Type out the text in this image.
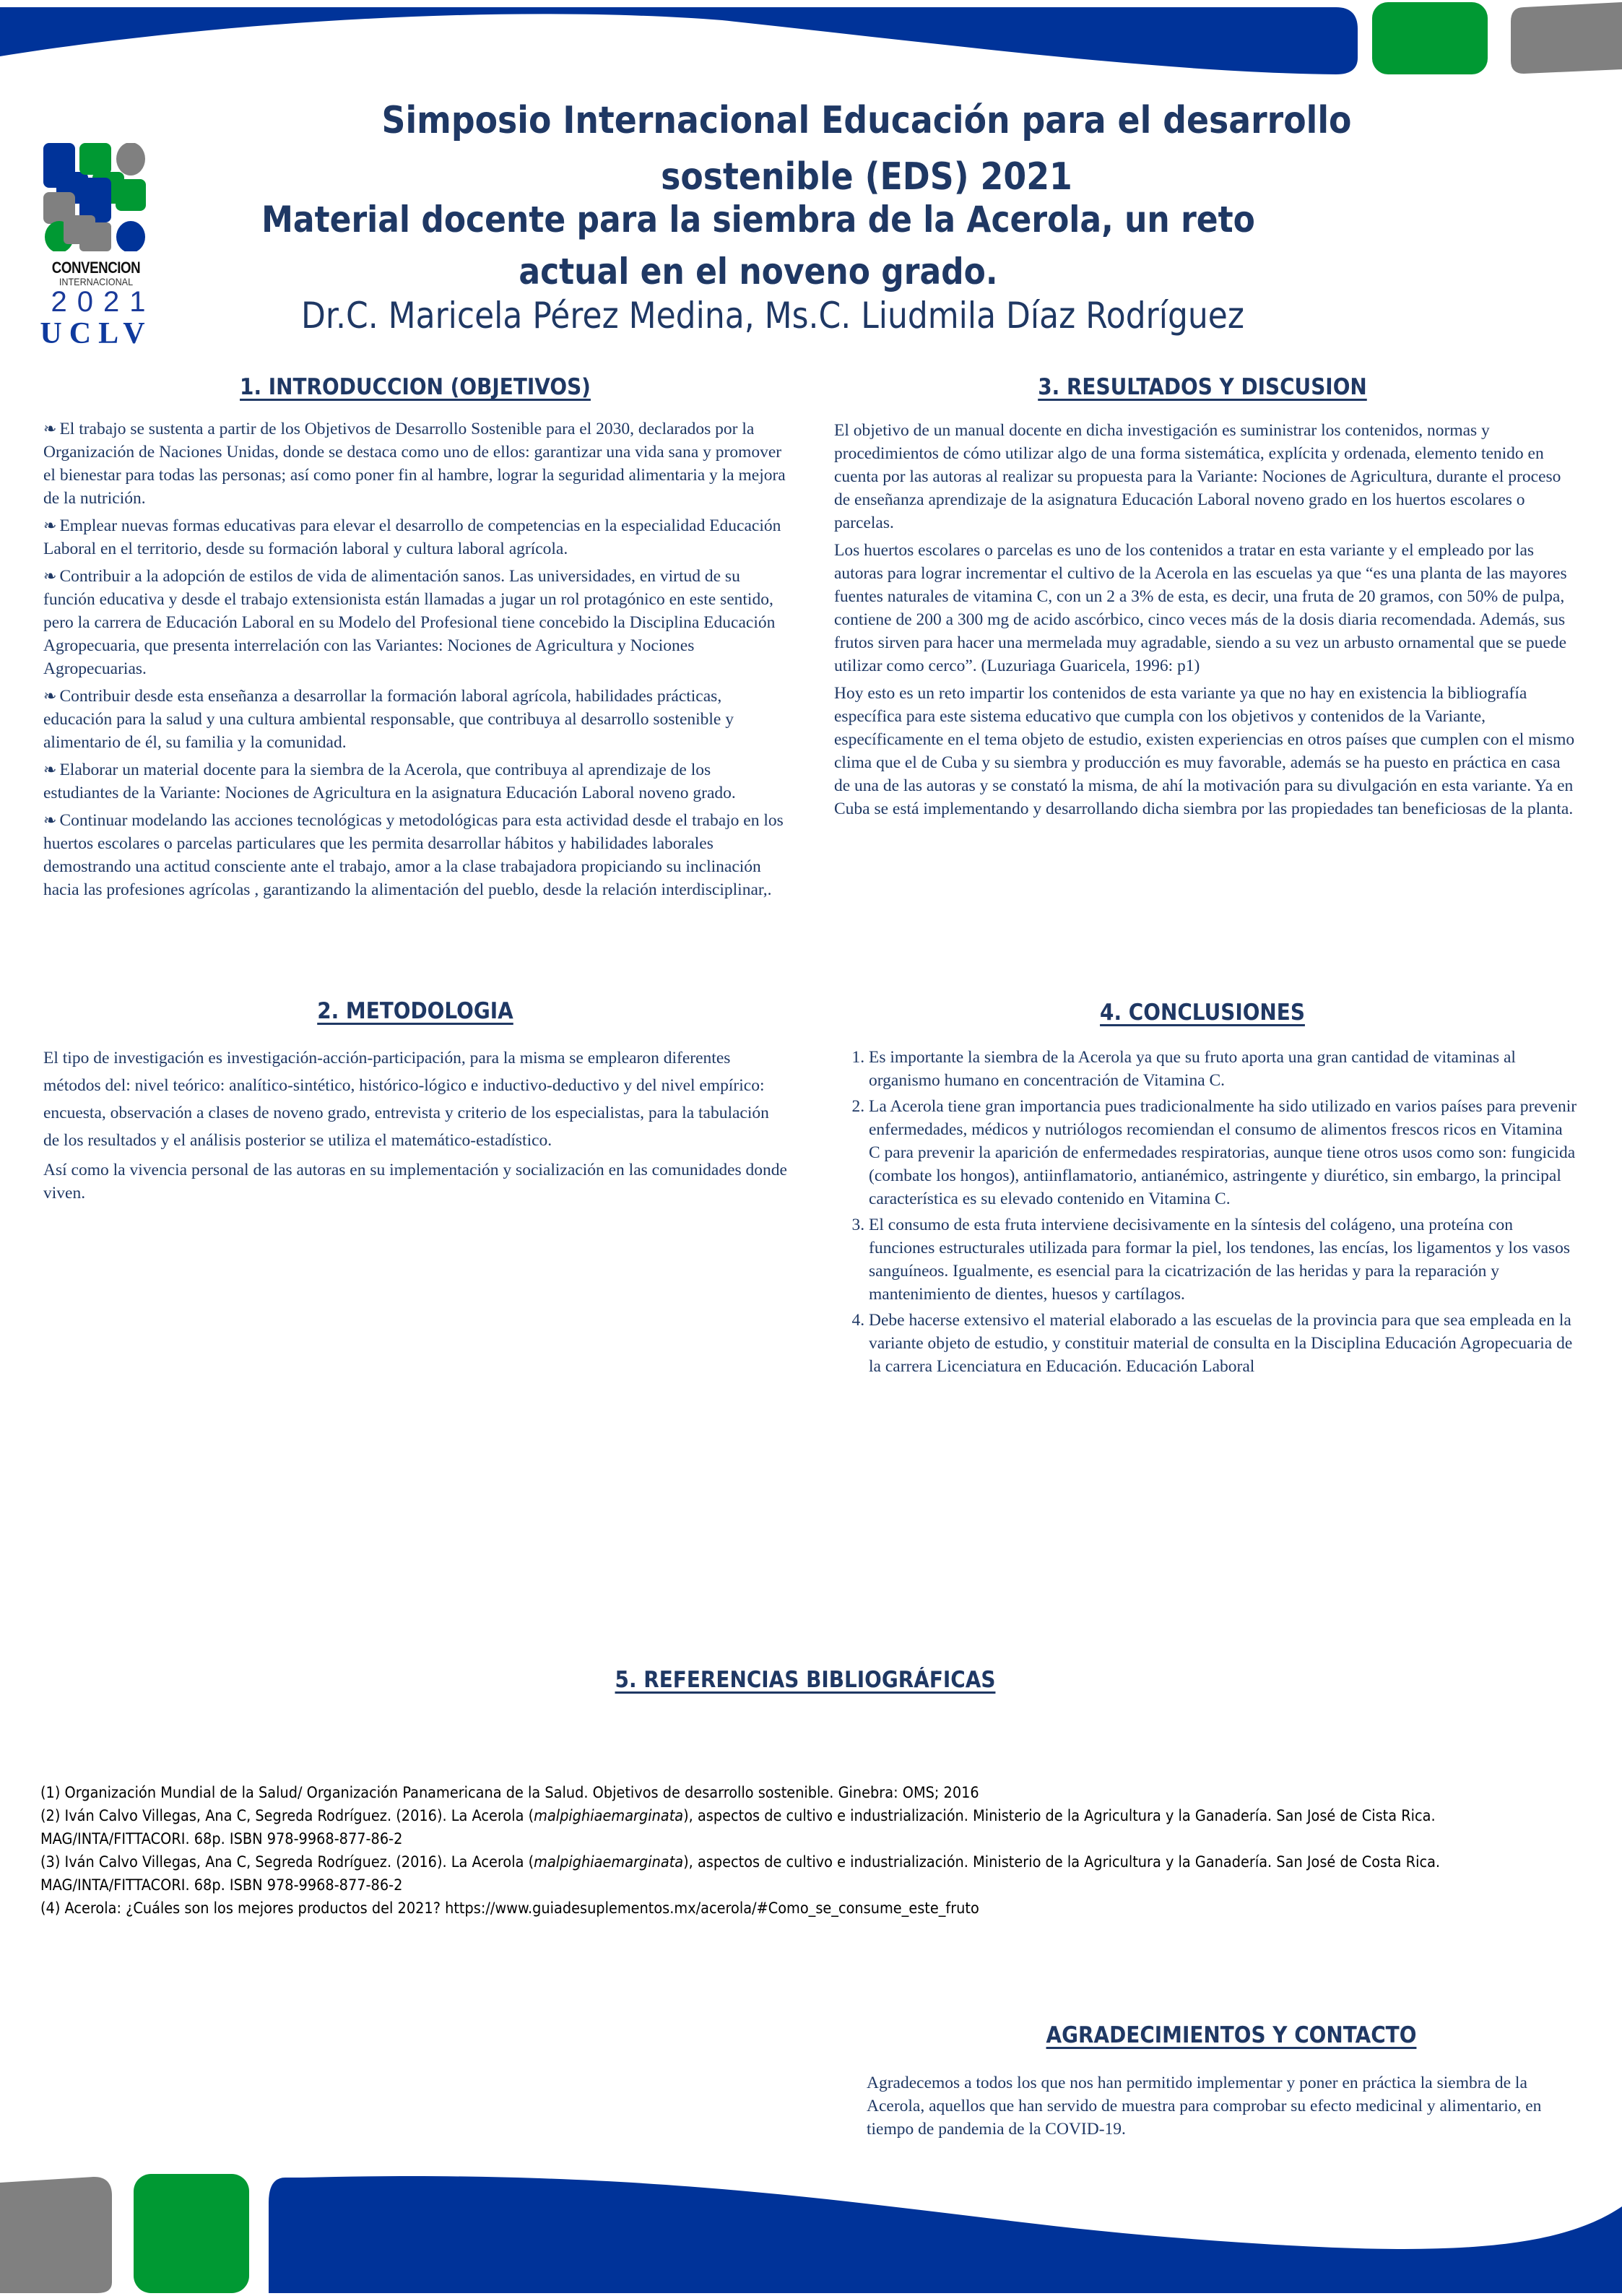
CONVENCION
INTERNACIONAL
2021
UCLV
Simposio Internacional Educación para el desarrollo sostenible (EDS) 2021
Material docente para la siembra de la Acerola, un reto actual en el noveno grado.
Dr.C. Maricela Pérez Medina, Ms.C. Liudmila Díaz Rodríguez
1. INTRODUCCION (OBJETIVOS)

❧ El trabajo se sustenta a partir de los Objetivos de Desarrollo Sostenible para el 2030, declarados por la Organización de Naciones Unidas, donde se destaca como uno de ellos: garantizar una vida sana y promover el bienestar para todas las personas; así como poner fin al hambre, lograr la seguridad alimentaria y la mejora de la nutrición.

❧ Emplear nuevas formas educativas para elevar el desarrollo de competencias en la especialidad Educación Laboral en el territorio, desde su formación laboral y cultura laboral agrícola.

❧ Contribuir a la adopción de estilos de vida de alimentación sanos. Las universidades, en virtud de su función educativa y desde el trabajo extensionista están llamadas a jugar un rol protagónico en este sentido, pero la carrera de Educación Laboral en su Modelo del Profesional tiene concebido la Disciplina Educación Agropecuaria, que presenta interrelación con las Variantes: Nociones de Agricultura y Nociones Agropecuarias.

❧ Contribuir desde esta enseñanza a desarrollar la formación laboral agrícola, habilidades prácticas, educación para la salud y una cultura ambiental responsable, que contribuya al desarrollo sostenible y alimentario de él, su familia y la comunidad.

❧ Elaborar un material docente para la siembra de la Acerola, que contribuya al aprendizaje de los estudiantes de la Variante: Nociones de Agricultura en la asignatura Educación Laboral noveno grado.

❧ Continuar modelando las acciones tecnológicas y metodológicas para esta actividad desde el trabajo en los huertos escolares o parcelas particulares que les permita desarrollar hábitos y habilidades laborales demostrando una actitud consciente ante el trabajo, amor a la clase trabajadora propiciando su inclinación hacia las profesiones agrícolas , garantizando la alimentación del pueblo, desde la relación interdisciplinar,.

2. METODOLOGIA

El tipo de investigación es investigación-acción-participación, para la misma se emplearon diferentes métodos del: nivel teórico: analítico-sintético, histórico-lógico e inductivo-deductivo y del nivel empírico: encuesta, observación a clases de noveno grado, entrevista y criterio de los especialistas, para la tabulación de los resultados y el análisis posterior se utiliza el matemático-estadístico.

Así como la vivencia personal de las autoras en su implementación y socialización en las comunidades donde viven.

3. RESULTADOS Y DISCUSION

El objetivo de un manual docente en dicha investigación es suministrar los contenidos, normas y procedimientos de cómo utilizar algo de una forma sistemática, explícita y ordenada, elemento tenido en cuenta por las autoras al realizar su propuesta para la Variante: Nociones de Agricultura, durante el proceso de enseñanza aprendizaje de la asignatura Educación Laboral noveno grado en los huertos escolares o parcelas.

Los huertos escolares o parcelas es uno de los contenidos a tratar en esta variante y el empleado por las autoras para lograr incrementar el cultivo de la Acerola en las escuelas ya que “es una planta de las mayores fuentes naturales de vitamina C, con un 2 a 3% de esta, es decir, una fruta de 20 gramos, con 50% de pulpa, contiene de 200 a 300 mg de acido ascórbico, cinco veces más de la dosis diaria recomendada. Además, sus frutos sirven para hacer una mermelada muy agradable, siendo a su vez un arbusto ornamental que se puede utilizar como cerco”. (Luzuriaga Guaricela, 1996: p1)

Hoy esto es un reto impartir los contenidos de esta variante ya que no hay en existencia la bibliografía específica para este sistema educativo que cumpla con los objetivos y contenidos de la Variante, específicamente en el tema objeto de estudio, existen experiencias en otros países que cumplen con el mismo clima que el de Cuba y su siembra y producción es muy favorable, además se ha puesto en práctica en casa de una de las autoras y se constató la misma, de ahí la motivación para su divulgación en esta variante. Ya en Cuba se está implementando y desarrollando dicha siembra por las propiedades tan beneficiosas de la planta.

4. CONCLUSIONES
1. Es importante la siembra de la Acerola ya que su fruto aporta una gran cantidad de vitaminas al organismo humano en concentración de Vitamina C.
2. La Acerola tiene gran importancia pues tradicionalmente ha sido utilizado en varios países para prevenir enfermedades, médicos y nutriólogos recomiendan el consumo de alimentos frescos ricos en Vitamina C para prevenir la aparición de enfermedades respiratorias, aunque tiene otros usos como son: fungicida (combate los hongos), antiinflamatorio, antianémico, astringente y diurético, sin embargo, la principal característica es su elevado contenido en Vitamina C.
3. El consumo de esta fruta interviene decisivamente en la síntesis del colágeno, una proteína con funciones estructurales utilizada para formar la piel, los tendones, las encías, los ligamentos y los vasos sanguíneos. Igualmente, es esencial para la cicatrización de las heridas y para la reparación y mantenimiento de dientes, huesos y cartílagos.
4. Debe hacerse extensivo el material elaborado a las escuelas de la provincia para que sea empleada en la variante objeto de estudio, y constituir material de consulta en la Disciplina Educación Agropecuaria de la carrera Licenciatura en Educación. Educación Laboral
5. REFERENCIAS BIBLIOGRÁFICAS
(1) Organización Mundial de la Salud/ Organización Panamericana de la Salud. Objetivos de desarrollo sostenible. Ginebra: OMS; 2016
(2) Iván Calvo Villegas, Ana C, Segreda Rodríguez. (2016). La Acerola (malpighiaemarginata), aspectos de cultivo e industrialización. Ministerio de la Agricultura y la Ganadería. San José de Cista Rica. MAG/INTA/FITTACORI. 68p. ISBN 978-9968-877-86-2
(3) Iván Calvo Villegas, Ana C, Segreda Rodríguez. (2016). La Acerola (malpighiaemarginata), aspectos de cultivo e industrialización. Ministerio de la Agricultura y la Ganadería. San José de Costa Rica. MAG/INTA/FITTACORI. 68p. ISBN 978-9968-877-86-2
(4) Acerola: ¿Cuáles son los mejores productos del 2021? https://www.guiadesuplementos.mx/acerola/#Como_se_consume_este_fruto
AGRADECIMIENTOS Y CONTACTO
Agradecemos a todos los que nos han permitido implementar y poner en práctica la siembra de la Acerola, aquellos que han servido de muestra para comprobar su efecto medicinal y alimentario, en tiempo de pandemia de la COVID-19.
